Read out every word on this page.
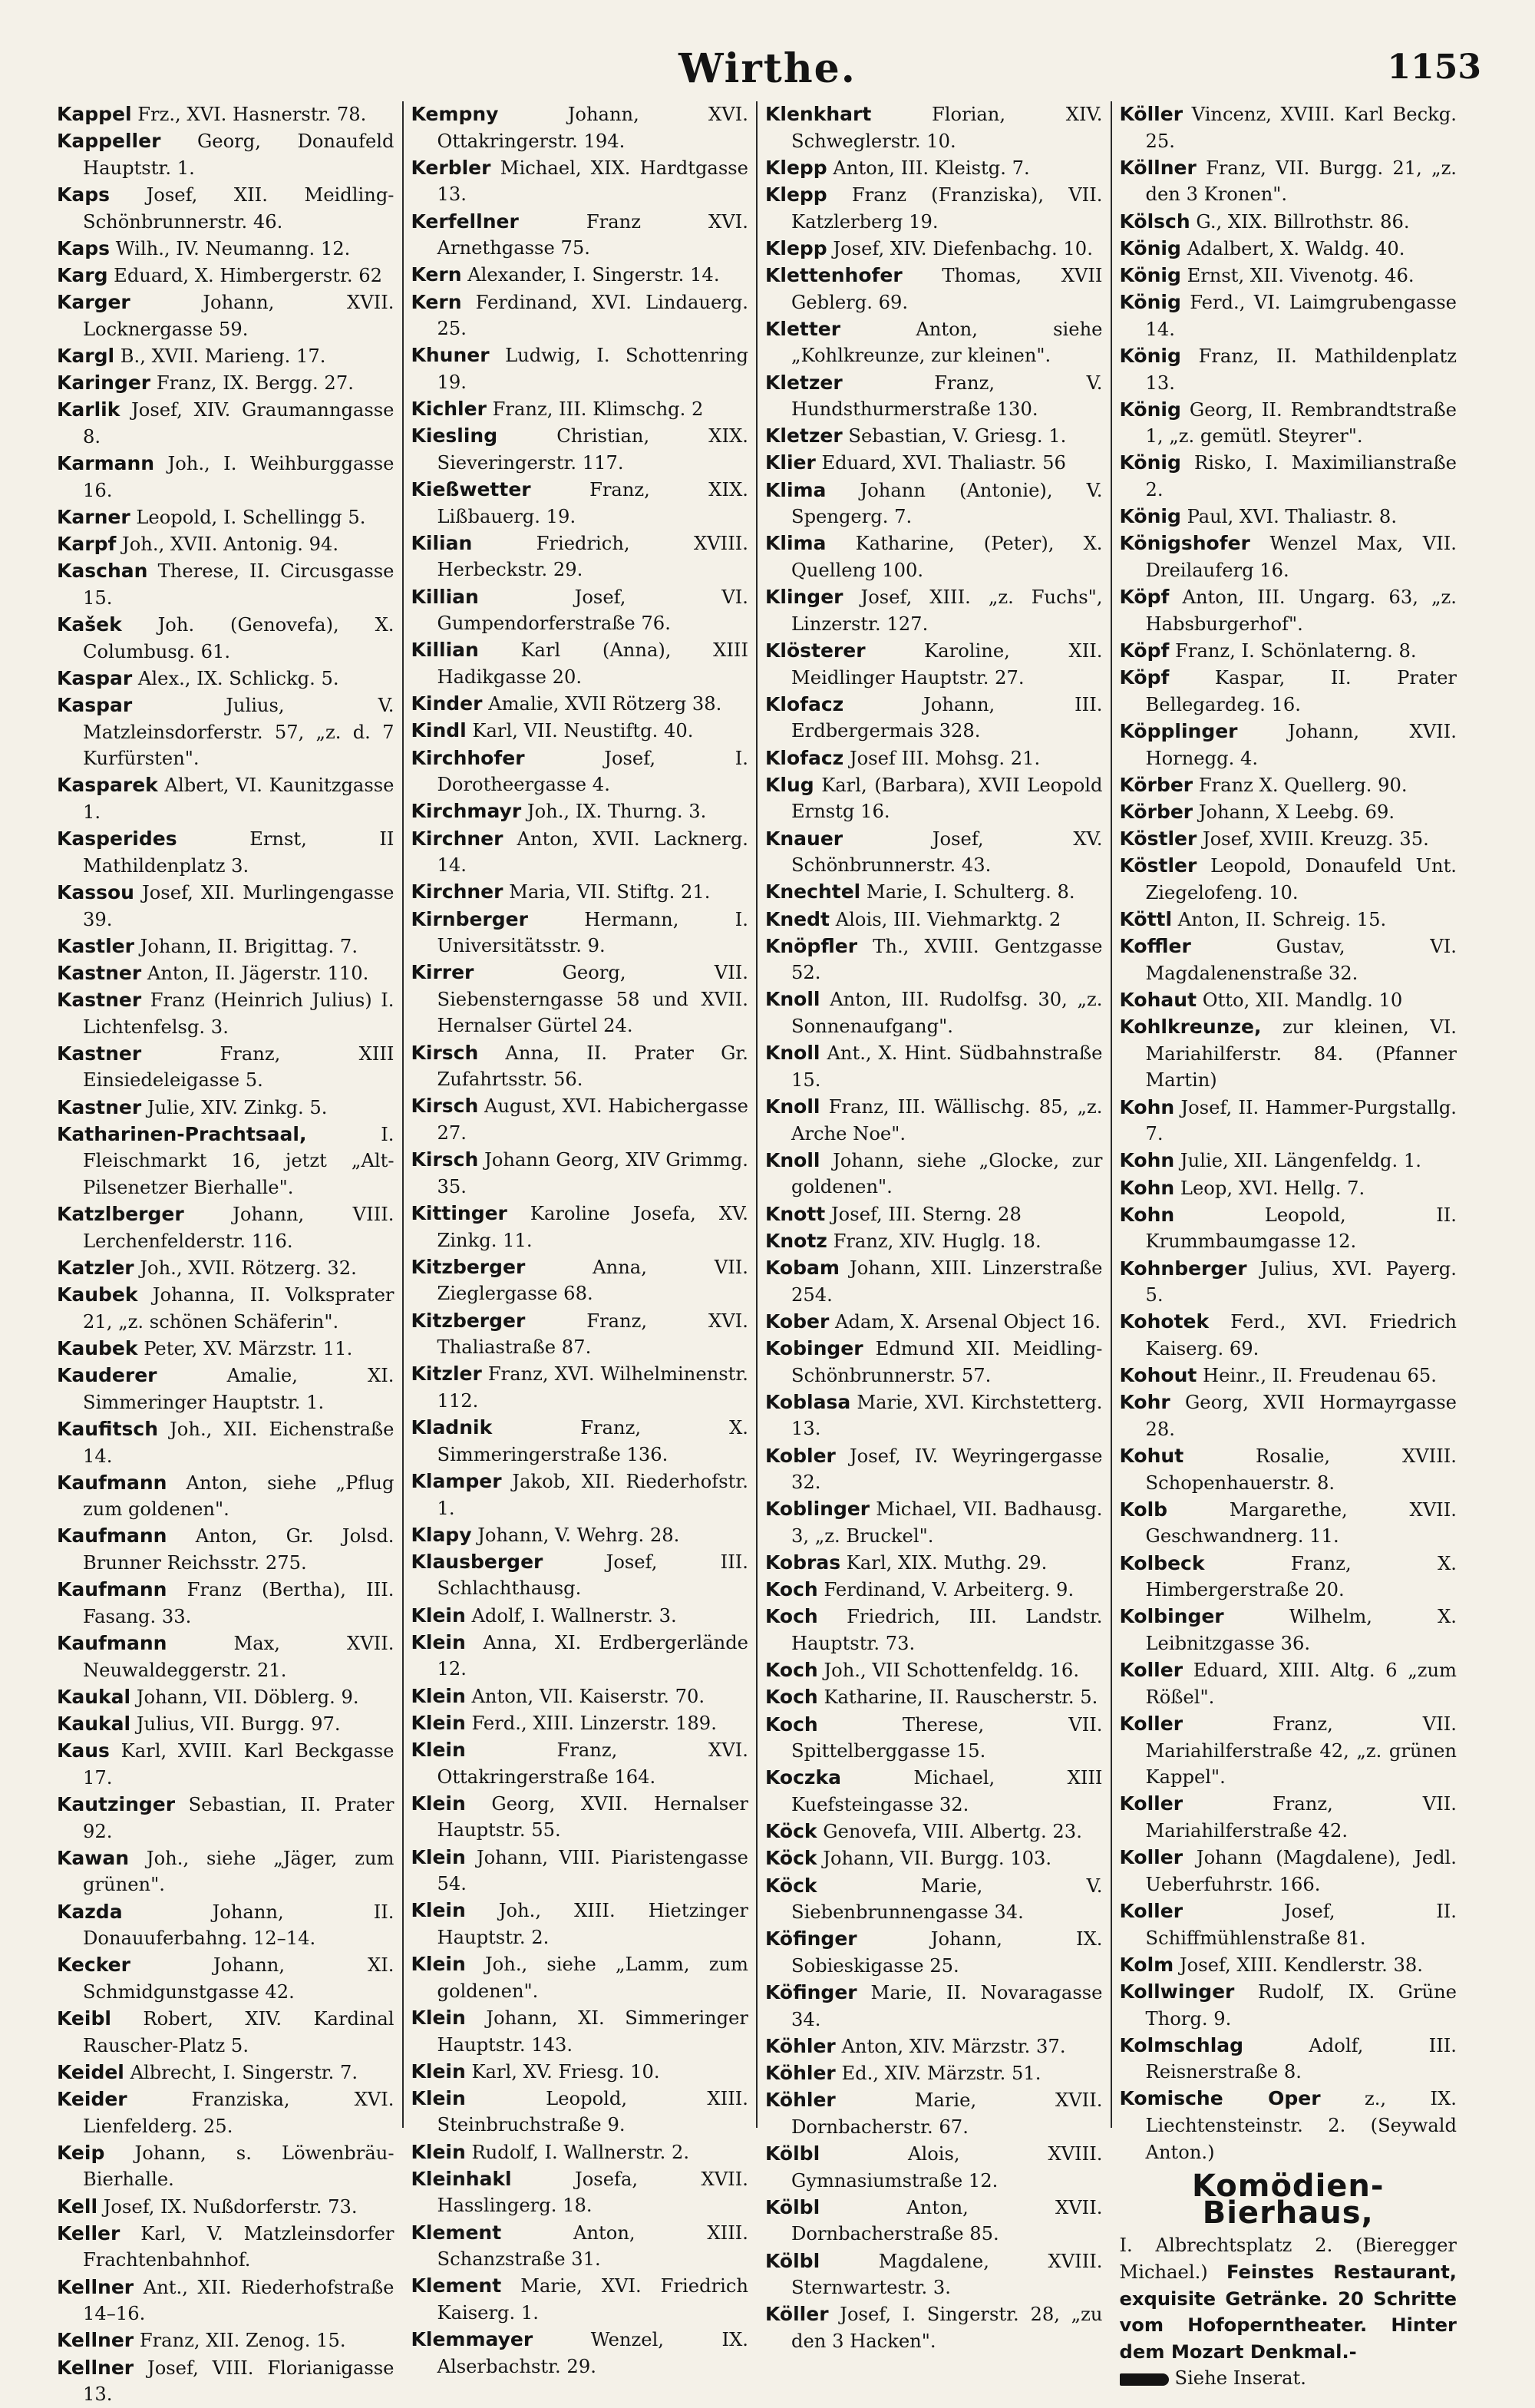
Wirthe.	1153
Kappel Frz., XVI. Hasnerstr. 78.
Kappeller Georg, Donaufeld Hauptstr. 1.
Kaps Josef, XII. Meidling-Schönbrunnerstr. 46.
Kaps Wilh., IV. Neumanng. 12.
Karg Eduard, X. Himbergerstr. 62
Karger	Johann, XVII. Locknergasse 59.
Kargl B., XVII. Marieng. 17.
Karinger Franz, IX. Bergg. 27.
Karlik Josef, XIV. Graumanngasse 8.
Karmann Joh., I. Weihburggasse 16.
Karner Leopold, I. Schellingg 5.
Karpf Joh., XVII. Antonig. 94.
Kaschan Therese, II. Circusgasse 15.
Kašek Joh. (Genovefa), X. Columbusg. 61.
Kaspar Alex., IX. Schlickg. 5.
Kaspar	Julius, V. Matzleinsdorferstr. 57, „z. d. 7 Kurfürsten".
Kasparek Albert, VI. Kaunitzgasse 1.
Kasperides	Ernst, II Mathildenplatz 3.
Kassou Josef, XII. Murlingengasse 39.
Kastler Johann, II. Brigittag. 7.
Kastner Anton, II. Jägerstr. 110.
Kastner Franz (Heinrich Julius) I. Lichtenfelsg. 3.
Kastner	Franz, XIII Einsiedeleigasse 5.
Kastner Julie, XIV. Zinkg. 5.
Katharinen-Prachtsaal,	I. Fleischmarkt 16, jetzt „Alt-Pilsenetzer Bierhalle".
Katzlberger	Johann, VIII. Lerchenfelderstr. 116.
Katzler Joh., XVII. Rötzerg. 32.
Kaubek Johanna, II. Volksprater 21, „z. schönen Schäferin".
Kaubek Peter, XV. Märzstr. 11.
Kauderer	Amalie, XI. Simmeringer Hauptstr. 1.
Kaufitsch Joh., XII. Eichenstraße 14.
Kaufmann Anton, siehe „Pflug zum goldenen".
Kaufmann Anton, Gr. Jolsd. Brunner Reichsstr. 275.
Kaufmann Franz (Bertha), III. Fasang. 33.
Kaufmann	Max, XVII. Neuwaldeggerstr. 21.
Kaukal Johann, VII. Döblerg. 9.
Kaukal Julius, VII. Burgg. 97.
Kaus Karl, XVIII. Karl Beckgasse 17.
Kautzinger Sebastian, II. Prater 92.
Kawan Joh., siehe „Jäger, zum grünen".
Kazda	Johann, II. Donauuferbahng. 12–14.
Kecker	Johann, XI. Schmidgunstgasse 42.
Keibl Robert, XIV. Kardinal Rauscher-Platz 5.
Keidel Albrecht, I. Singerstr. 7.
Keider	Franziska, XVI. Lienfelderg. 25.
Keip Johann, s. Löwenbräu-Bierhalle.
Kell Josef, IX. Nußdorferstr. 73.
Keller Karl, V. Matzleinsdorfer Frachtenbahnhof.
Kellner Ant., XII. Riederhofstraße 14–16.
Kellner Franz, XII. Zenog. 15.
Kellner Josef, VIII. Florianigasse 13.
Kempny	Johann, XVI. Ottakringerstr. 194.
Kerbler Michael, XIX. Hardtgasse 13.
Kerfellner	Franz XVI. Arnethgasse 75.
Kern Alexander, I. Singerstr. 14.
Kern Ferdinand, XVI. Lindauerg. 25.
Khuner Ludwig, I. Schottenring 19.
Kichler Franz, III. Klimschg. 2
Kiesling	Christian, XIX. Sieveringerstr. 117.
Kießwetter	Franz, XIX. Lißbauerg. 19.
Kilian	Friedrich, XVIII. Herbeckstr. 29.
Killian	Josef, VI. Gumpendorferstraße 76.
Killian Karl (Anna), XIII Hadikgasse 20.
Kinder Amalie, XVII Rötzerg 38.
Kindl Karl, VII. Neustiftg. 40.
Kirchhofer	Josef, I. Dorotheergasse 4.
Kirchmayr Joh., IX. Thurng. 3.
Kirchner Anton, XVII. Lacknerg. 14.
Kirchner Maria, VII. Stiftg. 21.
Kirnberger	Hermann, I. Universitätsstr. 9.
Kirrer	Georg, VII. Siebensterngasse 58 und XVII. Hernalser Gürtel 24.
Kirsch Anna, II. Prater Gr. Zufahrtsstr. 56.
Kirsch August, XVI. Habichergasse 27.
Kirsch Johann Georg, XIV Grimmg. 35.
Kittinger Karoline Josefa, XV. Zinkg. 11.
Kitzberger	Anna, VII. Zieglergasse 68.
Kitzberger	Franz, XVI. Thaliastraße 87.
Kitzler Franz, XVI. Wilhelminenstr. 112.
Kladnik	Franz, X. Simmeringerstraße 136.
Klamper Jakob, XII. Riederhofstr. 1.
Klapy Johann, V. Wehrg. 28.
Klausberger	Josef, III. Schlachthausg.
Klein Adolf, I. Wallnerstr. 3.
Klein Anna, XI. Erdbergerlände 12.
Klein Anton, VII. Kaiserstr. 70.
Klein Ferd., XIII. Linzerstr. 189.
Klein	Franz, XVI. Ottakringerstraße 164.
Klein Georg, XVII. Hernalser Hauptstr. 55.
Klein Johann, VIII. Piaristengasse 54.
Klein Joh., XIII. Hietzinger Hauptstr. 2.
Klein Joh., siehe „Lamm, zum goldenen".
Klein Johann, XI. Simmeringer Hauptstr. 143.
Klein Karl, XV. Friesg. 10.
Klein	Leopold, XIII. Steinbruchstraße 9.
Klein Rudolf, I. Wallnerstr. 2.
Kleinhakl	Josefa, XVII. Hasslingerg. 18.
Klement	Anton, XIII. Schanzstraße 31.
Klement Marie, XVI. Friedrich Kaiserg. 1.
Klemmayer	Wenzel, IX. Alserbachstr. 29.
Klenkhart	Florian, XIV. Schweglerstr. 10.
Klepp Anton, III. Kleistg. 7.
Klepp Franz (Franziska), VII. Katzlerberg 19.
Klepp Josef, XIV. Diefenbachg. 10.
Klettenhofer Thomas, XVII Geblerg. 69.
Kletter	Anton, siehe „Kohlkreunze, zur kleinen".
Kletzer	Franz, V. Hundsthurmerstraße 130.
Kletzer Sebastian, V. Griesg. 1.
Klier Eduard, XVI. Thaliastr. 56
Klima Johann (Antonie), V. Spengerg. 7.
Klima Katharine, (Peter), X. Quelleng 100.
Klinger Josef, XIII. „z. Fuchs", Linzerstr. 127.
Klösterer	Karoline, XII. Meidlinger Hauptstr. 27.
Klofacz	Johann, III. Erdbergermais 328.
Klofacz Josef III. Mohsg. 21.
Klug Karl, (Barbara), XVII Leopold Ernstg 16.
Knauer	Josef, XV. Schönbrunnerstr. 43.
Knechtel Marie, I. Schulterg. 8.
Knedt Alois, III. Viehmarktg. 2
Knöpfler Th., XVIII. Gentzgasse 52.
Knoll Anton, III. Rudolfsg. 30, „z. Sonnenaufgang".
Knoll Ant., X. Hint. Südbahnstraße 15.
Knoll Franz, III. Wällischg. 85, „z. Arche Noe".
Knoll Johann, siehe „Glocke, zur goldenen".
Knott Josef, III. Sterng. 28
Knotz Franz, XIV. Huglg. 18.
Kobam Johann, XIII. Linzerstraße 254.
Kober Adam, X. Arsenal Object 16.
Kobinger Edmund XII. Meidling-Schönbrunnerstr. 57.
Koblasa Marie, XVI. Kirchstetterg. 13.
Kobler Josef, IV. Weyringergasse 32.
Koblinger Michael, VII. Badhausg. 3, „z. Bruckel".
Kobras Karl, XIX. Muthg. 29.
Koch Ferdinand, V. Arbeiterg. 9.
Koch Friedrich, III. Landstr. Hauptstr. 73.
Koch Joh., VII Schottenfeldg. 16.
Koch Katharine, II. Rauscherstr. 5.
Koch	Therese, VII. Spittelberggasse 15.
Koczka	Michael, XIII Kuefsteingasse 32.
Köck Genovefa, VIII. Albertg. 23.
Köck Johann, VII. Burgg. 103.
Köck	Marie, V. Siebenbrunnengasse 34.
Köfinger	Johann, IX. Sobieskigasse 25.
Köfinger Marie, II. Novaragasse 34.
Köhler Anton, XIV. Märzstr. 37.
Köhler Ed., XIV. Märzstr. 51.
Köhler	Marie, XVII. Dornbacherstr. 67.
Kölbl	Alois, XVIII. Gymnasiumstraße 12.
Kölbl	Anton, XVII. Dornbacherstraße 85.
Kölbl	Magdalene, XVIII. Sternwartestr. 3.
Köller Josef, I. Singerstr. 28, „zu den 3 Hacken".
Köller Vincenz, XVIII. Karl Beckg. 25.
Köllner Franz, VII. Burgg. 21, „z. den 3 Kronen".
Kölsch G., XIX. Billrothstr. 86.
König Adalbert, X. Waldg. 40.
König Ernst, XII. Vivenotg. 46.
König Ferd., VI. Laimgrubengasse 14.
König Franz, II. Mathildenplatz 13.
König Georg, II. Rembrandtstraße 1, „z. gemütl. Steyrer".
König Risko, I. Maximilianstraße 2.
König Paul, XVI. Thaliastr. 8.
Königshofer Wenzel Max, VII. Dreilauferg 16.
Köpf Anton, III. Ungarg. 63, „z. Habsburgerhof".
Köpf Franz, I. Schönlaterng. 8.
Köpf Kaspar, II. Prater Bellegardeg. 16.
Köpplinger	Johann, XVII. Hornegg. 4.
Körber Franz X. Quellerg. 90.
Körber Johann, X Leebg. 69.
Köstler Josef, XVIII. Kreuzg. 35.
Köstler Leopold, Donaufeld Unt. Ziegelofeng. 10.
Köttl Anton, II. Schreig. 15.
Koffler	Gustav, VI. Magdalenenstraße 32.
Kohaut Otto, XII. Mandlg. 10
Kohlkreunze, zur kleinen, VI. Mariahilferstr. 84. (Pfanner Martin)
Kohn Josef, II. Hammer-Purgstallg. 7.
Kohn Julie, XII. Längenfeldg. 1.
Kohn Leop, XVI. Hellg. 7.
Kohn	Leopold, II. Krummbaumgasse 12.
Kohnberger Julius, XVI. Payerg. 5.
Kohotek Ferd., XVI. Friedrich Kaiserg. 69.
Kohout Heinr., II. Freudenau 65.
Kohr Georg, XVII Hormayrgasse 28.
Kohut	Rosalie, XVIII. Schopenhauerstr. 8.
Kolb	Margarethe, XVII. Geschwandnerg. 11.
Kolbeck	Franz, X. Himbergerstraße 20.
Kolbinger	Wilhelm, X. Leibnitzgasse 36.
Koller Eduard, XIII. Altg. 6 „zum Rößel".
Koller	Franz, VII. Mariahilferstraße 42, „z. grünen Kappel".
Koller	Franz, VII. Mariahilferstraße 42.
Koller Johann (Magdalene), Jedl. Ueberfuhrstr. 166.
Koller	Josef, II. Schiffmühlenstraße 81.
Kolm Josef, XIII. Kendlerstr. 38.
Kollwinger Rudolf, IX. Grüne Thorg. 9.
Kolmschlag	Adolf, III. Reisnerstraße 8.
Komische Oper z., IX. Liechtensteinstr. 2. (Seywald Anton.)
Komödien-Bierhaus,
I. Albrechtsplatz 2. (Bieregger Michael.) Feinstes Restaurant, exquisite Getränke. 20 Schritte vom Hofoperntheater. Hinter dem Mozart Denkmal.-
Siehe Inserat.
